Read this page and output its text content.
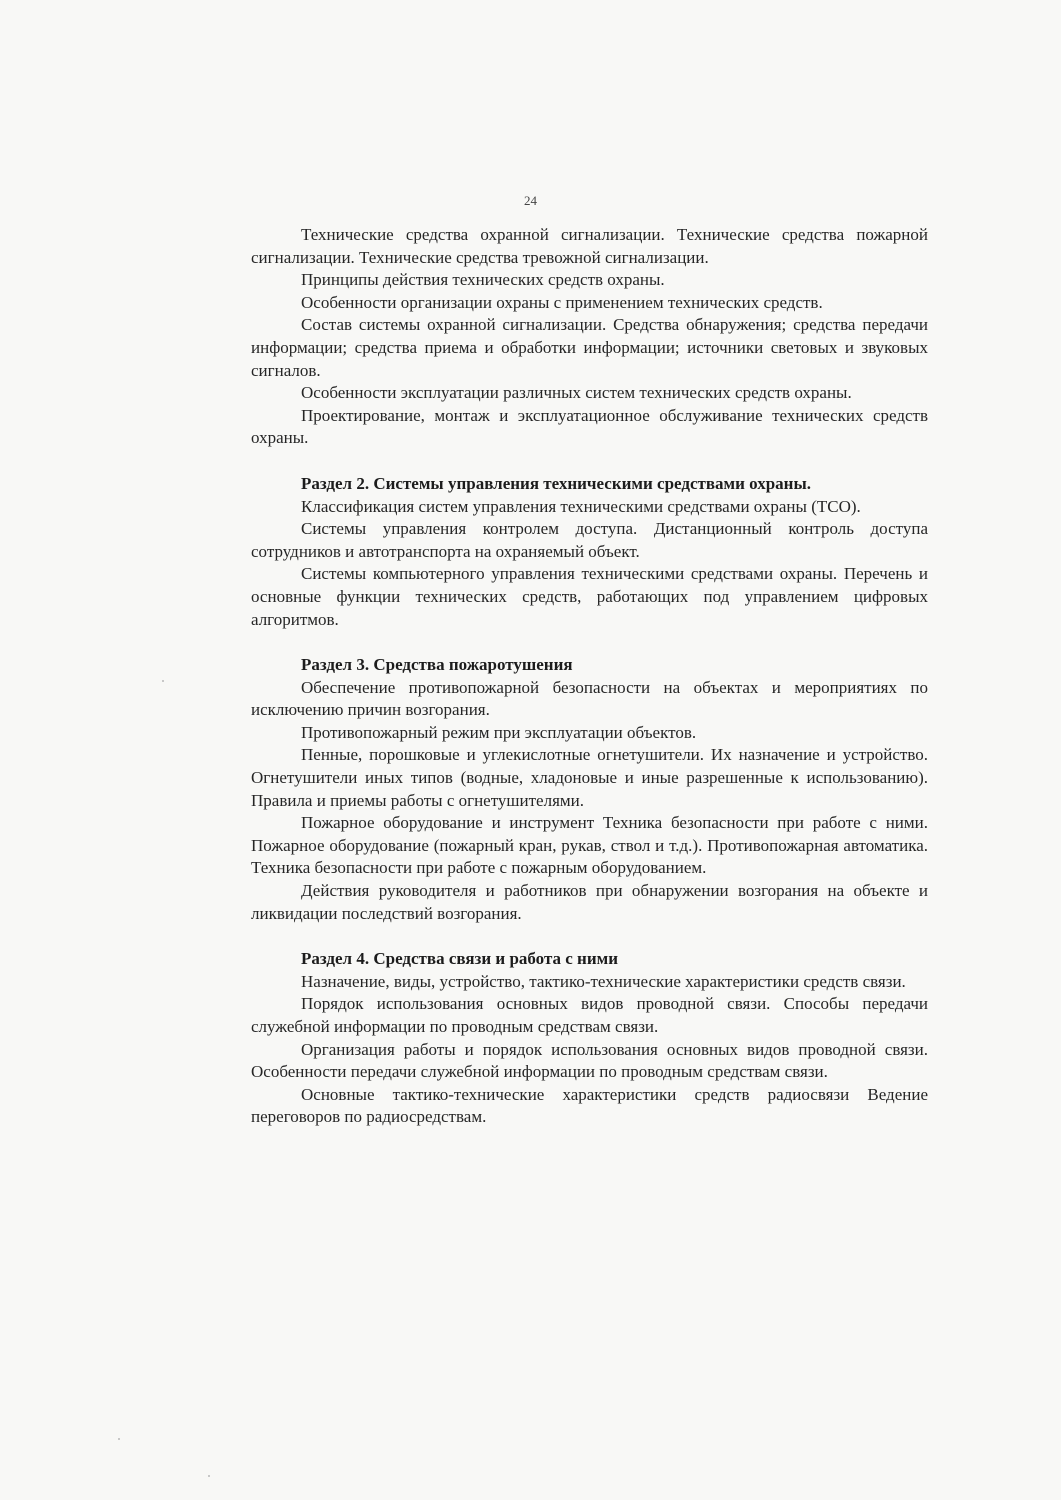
24

Технические средства охранной сигнализации. Технические средства пожарной сигнализации. Технические средства тревожной сигнализации.

Принципы действия технических средств охраны.

Особенности организации охраны с применением технических средств.

Состав системы охранной сигнализации. Средства обнаружения; средства передачи информации; средства приема и обработки информации; источники световых и звуковых сигналов.

Особенности эксплуатации различных систем технических средств охраны.

Проектирование, монтаж и эксплуатационное обслуживание технических средств охраны.

Раздел 2. Системы управления техническими средствами охраны.

Классификация систем управления техническими средствами охраны (ТСО).

Системы управления контролем доступа. Дистанционный контроль доступа сотрудников и автотранспорта на охраняемый объект.

Системы компьютерного управления техническими средствами охраны. Перечень и основные функции технических средств, работающих под управлением цифровых алгоритмов.

Раздел 3. Средства пожаротушения

Обеспечение противопожарной безопасности на объектах и мероприятиях по исключению причин возгорания.

Противопожарный режим при эксплуатации объектов.

Пенные, порошковые и углекислотные огнетушители. Их назначение и устройство. Огнетушители иных типов (водные, хладоновые и иные разрешенные к использованию). Правила и приемы работы с огнетушителями.

Пожарное оборудование и инструмент Техника безопасности при работе с ними. Пожарное оборудование (пожарный кран, рукав, ствол и т.д.). Противопожарная автоматика. Техника безопасности при работе с пожарным оборудованием.

Действия руководителя и работников при обнаружении возгорания на объекте и ликвидации последствий возгорания.

Раздел 4. Средства связи и работа с ними

Назначение, виды, устройство, тактико-технические характеристики средств связи.

Порядок использования основных видов проводной связи. Способы передачи служебной информации по проводным средствам связи.

Организация работы и порядок использования основных видов проводной связи. Особенности передачи служебной информации по проводным средствам связи.

Основные тактико-технические характеристики средств радиосвязи Ведение переговоров по радиосредствам.
